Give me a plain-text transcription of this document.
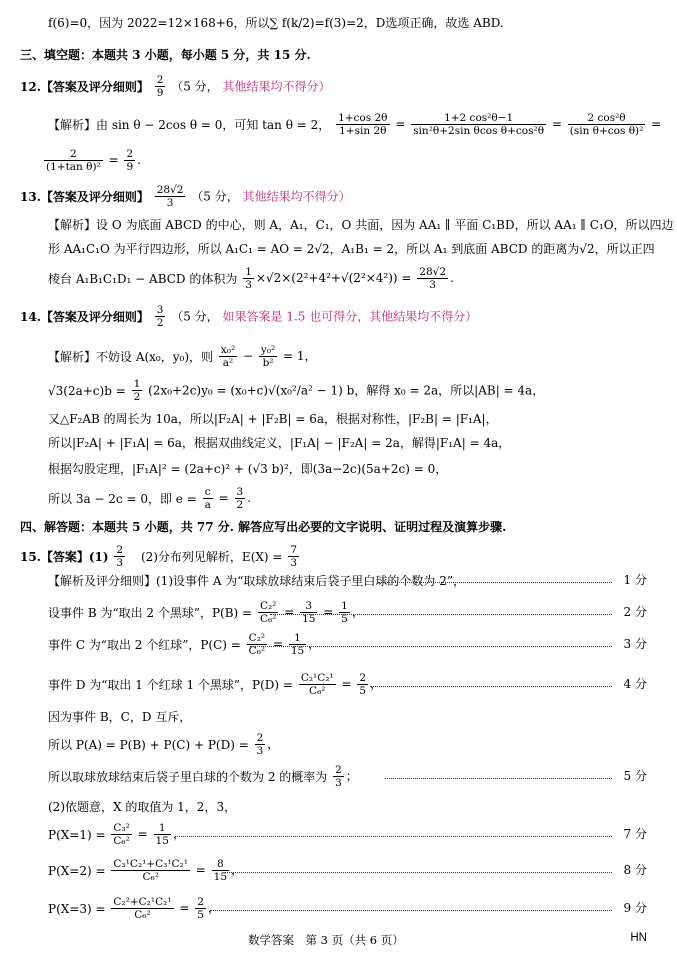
f(6)=0，因为 2022=12×168+6，所以∑ f(k/2)=f(3)=2，D选项正确，故选 ABD.
三、填空题：本题共 3 小题，每小题 5 分，共 15 分.
12.【答案及评分细则】 $\frac{2}{9} (5$ 分， 其他结果均不得分）
【解析】由 sin θ − 2cos θ = 0，可知 tan θ = 2， $\frac{1+\cos 2\theta}{1+\sin 2\theta} = \frac{\text{1+2 cos²θ−1}}{\text{sin²θ+2sin θcos θ+cos²θ}} = \frac{\text{2 cos²θ}}{\text{(sin θ+cos θ)²}}$ =
$\frac{2}{\text{(1+tan θ)²}} = \frac{2}{9}$ .
13.【答案及评分细则】 $\frac{28√2}{3} (5$ 分， 其他结果均不得分）
【解析】设 O 为底面 ABCD 的中心，则 A，A₁，C₁，O 共面，因为 AA₁ ∥ 平面 C₁BD，所以 AA₁ ∥ C₁O，所以四边
形 AA₁C₁O 为平行四边形，所以 A₁C₁ = AO = 2√2，A₁B₁ = 2，所以 A₁ 到底面 ABCD 的距离为√2，所以正四
棱台 A₁B₁C₁D₁ − ABCD 的体积为 $\frac{1}{3} \times√2\times(2^2+4^2+√(2^2\times 4^2)) = \frac{28√2}{3}$ .
14.【答案及评分细则】 $\frac{3}{2} (5$ 分， 如果答案是 1.5 也可得分，其他结果均不得分）
【解析】不妨设 A(x₀，y₀)，则 $\frac{\text{x₀²}}{\text{a²}} - \frac{\text{y₀²}}{\text{b²}} = 1$，
$√3(2a+c)b = \frac{1}{2} (2x_0+2c)y_0 = (x_0+c)√(x_0^2/a^2 - 1)$ b，解得 x₀ = 2a，所以|AB| = 4a，
又△F₂AB 的周长为 10a，所以|F₂A| + |F₂B| = 6a，根据对称性，|F₂B| = |F₁A|，
所以|F₂A| + |F₁A| = 6a，根据双曲线定义，|F₁A| − |F₂A| = 2a，解得|F₁A| = 4a，
根据勾股定理，|F₁A|² = (2a+c)² + (√3 b)²，即(3a−2c)(5a+2c) = 0，
所以 3a − 2c = 0，即 $e = \frac{c}{a} = \frac{3}{2}$ .
四、解答题：本题共 5 小题，共 77 分. 解答应写出必要的文字说明、证明过程及演算步骤.
15.【答案】$(1) \frac{2}{3} (2)$分布列见解析，$E(X) = \frac{7}{3}$
【解析及评分细则】(1)设事件 A 为“取球放球结束后袋子里白球的个数为 2”，	1 分
设事件 B 为“取出 2 个黑球”，$P(B) = \frac{\text{C₂²}}{\text{C₆²}} = \frac{3}{15} = \frac{1}{5}$ ，	2 分
事件 C 为“取出 2 个红球”，$P(C) = \frac{\text{C₂²}}{\text{C₆²}} = \frac{1}{15}$ ，	3 分
事件 D 为“取出 1 个红球 1 个黑球”，$P(D) = \frac{\text{C₂¹C₂¹}}{\text{C₆²}} = \frac{2}{5}$ ，	4 分
因为事件 B，C，D 互斥，
所以 $P(A) = P(B) + P(C) + P(D) = \frac{2}{3}$ ，
所以取球放球结束后袋子里白球的个数为 2 的概率为 $\frac{2}{3}$ ；	5 分
(2)依题意，X 的取值为 1，2，3，
$P(X=1) = \frac{\text{C₃²}}{\text{C₆²}} = \frac{1}{15}$ ，	7 分
$P(X=2) = \frac{\text{C₃¹C₂¹+C₃¹C₂¹}}{\text{C₆²}} = \frac{8}{15}$ ，	8 分
$P(X=3) = \frac{\text{C₂²+C₂¹C₂¹}}{\text{C₆²}} = \frac{2}{5}$ ，	9 分
数学答案　第 3 页（共 6 页）	HN
